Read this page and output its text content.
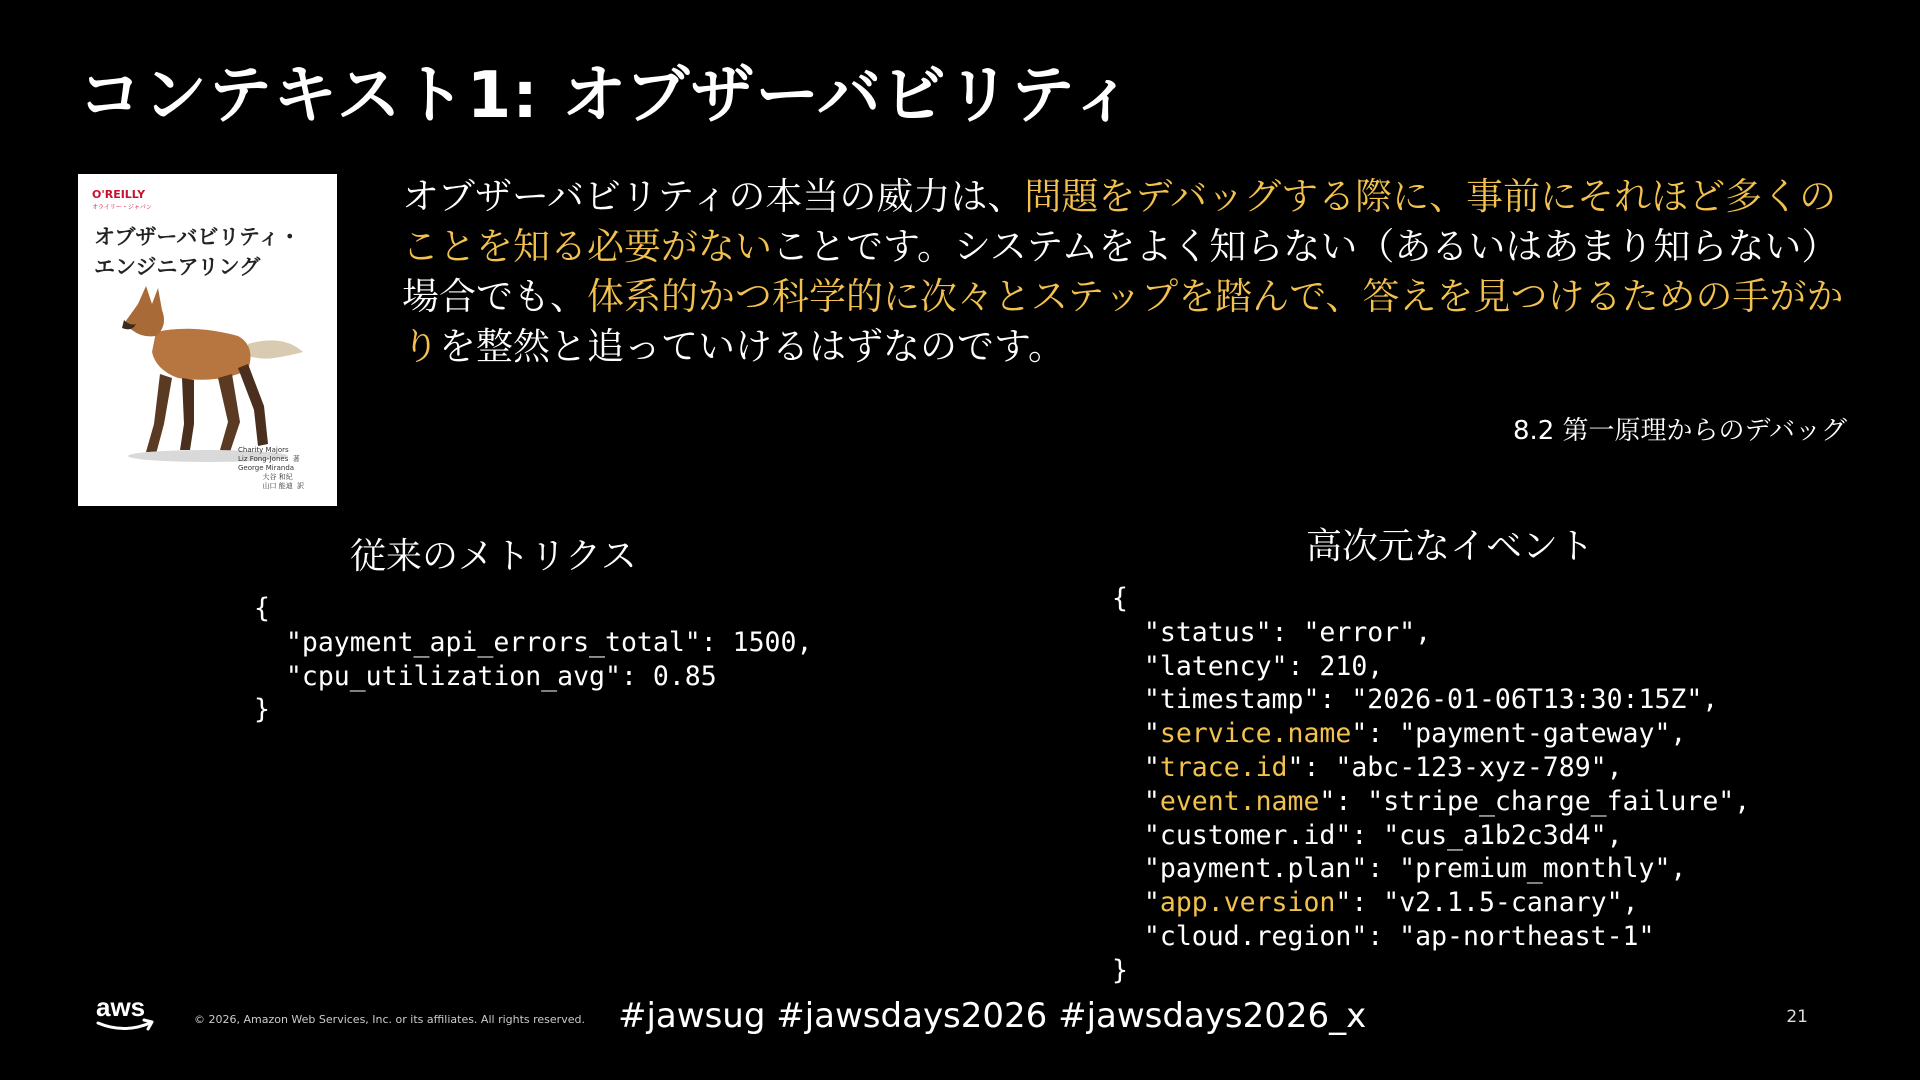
コンテキスト1: オブザーバビリティ
O'REILLY
オライリー・ジャパン
オブザーバビリティ・
エンジニアリング
Charity Majors
Liz Fong-Jones  著
George Miranda
大谷 和紀
山口 能迪  訳
オブザーバビリティの本当の威力は、問題をデバッグする際に、事前にそれほど多くのことを知る必要がないことです。システムをよく知らない（あるいはあまり知らない）場合でも、体系的かつ科学的に次々とステップを踏んで、答えを見つけるための手がかりを整然と追っていけるはずなのです。
8.2 第一原理からのデバッグ
従来のメトリクス
{
"payment_api_errors_total": 1500,
"cpu_utilization_avg": 0.85
}
高次元なイベント
{
"status": "error",
"latency": 210,
"timestamp": "2026-01-06T13:30:15Z",
"service.name": "payment-gateway",
"trace.id": "abc-123-xyz-789",
"event.name": "stripe_charge_failure",
"customer.id": "cus_a1b2c3d4",
"payment.plan": "premium_monthly",
"app.version": "v2.1.5-canary",
"cloud.region": "ap-northeast-1"
}
aws	© 2026, Amazon Web Services, Inc. or its affiliates. All rights reserved. #jawsug #jawsdays2026 #jawsdays2026_x	21
